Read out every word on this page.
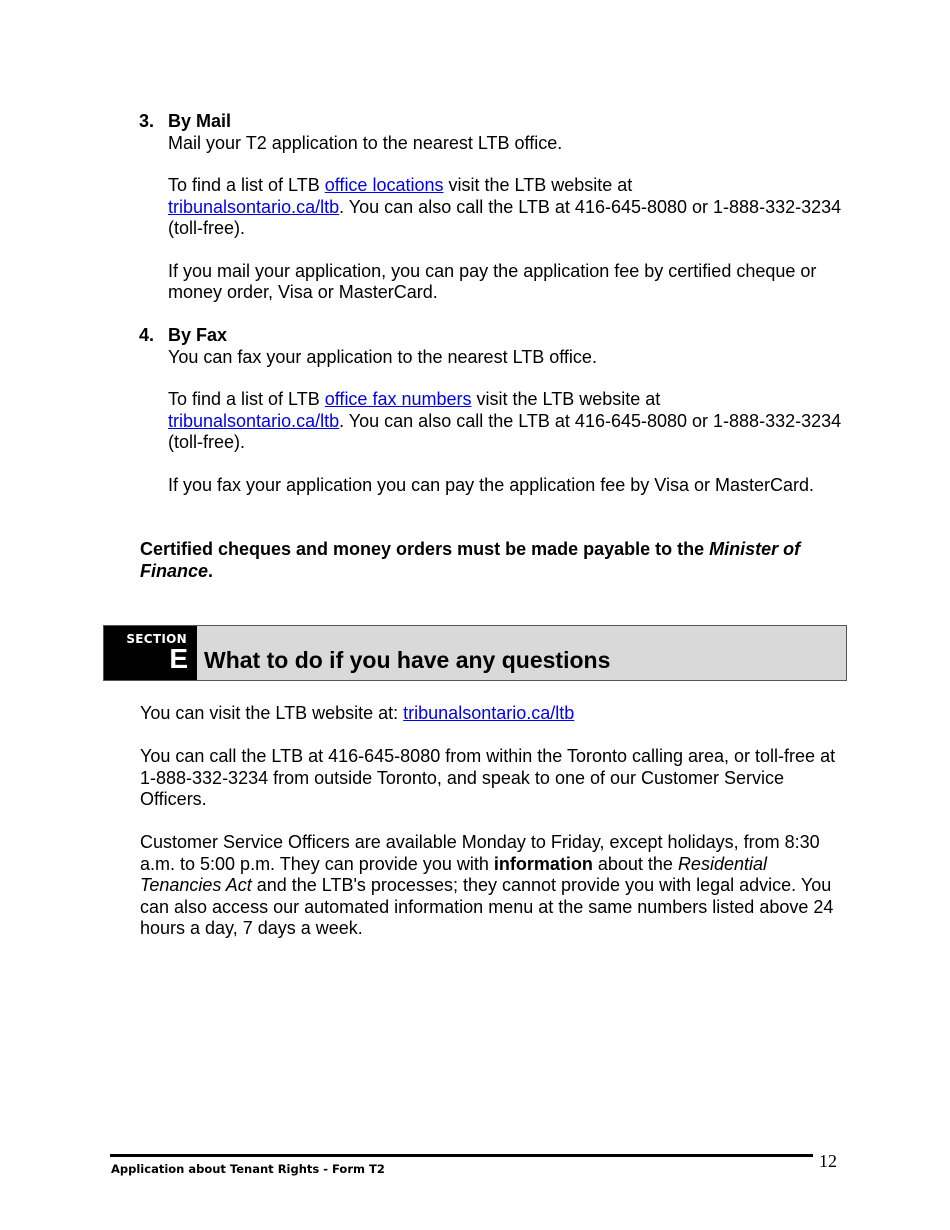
3. By Mail

Mail your T2 application to the nearest LTB office.

To find a list of LTB office locations visit the LTB website at
tribunalsontario.ca/ltb. You can also call the LTB at 416-645-8080 or 1-888-332-3234 (toll-free).

If you mail your application, you can pay the application fee by certified cheque or money order, Visa or MasterCard.

4. By Fax

You can fax your application to the nearest LTB office.

To find a list of LTB office fax numbers visit the LTB website at
tribunalsontario.ca/ltb. You can also call the LTB at 416-645-8080 or 1-888-332-3234 (toll-free).

If you fax your application you can pay the application fee by Visa or MasterCard.

Certified cheques and money orders must be made payable to the Minister of Finance.
SECTION
E What to do if you have any questions
You can visit the LTB website at: tribunalsontario.ca/ltb
You can call the LTB at 416-645-8080 from within the Toronto calling area, or toll-free at 1-888-332-3234 from outside Toronto, and speak to one of our Customer Service Officers.
Customer Service Officers are available Monday to Friday, except holidays, from 8:30 a.m. to 5:00 p.m. They can provide you with information about the Residential Tenancies Act and the LTB's processes; they cannot provide you with legal advice. You can also access our automated information menu at the same numbers listed above 24 hours a day, 7 days a week.
Application about Tenant Rights - Form T2	12
